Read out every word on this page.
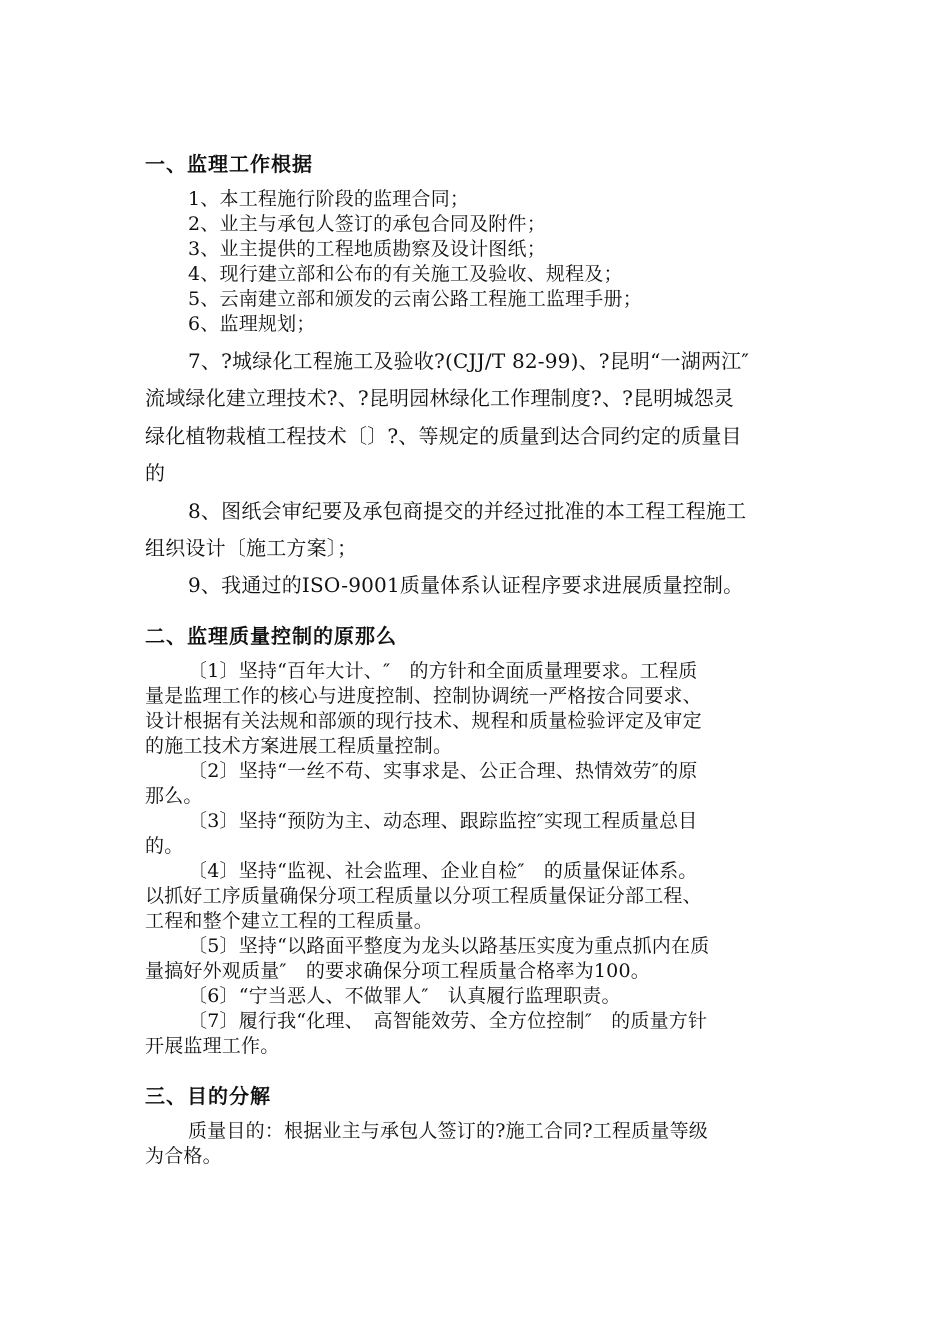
一、监理工作根据
1、本工程施行阶段的监理合同；
2、业主与承包人签订的承包合同及附件；
3、业主提供的工程地质勘察及设计图纸；
4、现行建立部和公布的有关施工及验收、规程及；
5、云南建立部和颁发的云南公路工程施工监理手册；
6、监理规划；
7、?城绿化工程施工及验收?(CJJ/T 82-99)、?昆明“一湖两江″
流域绿化建立理技术?、?昆明园林绿化工作理制度?、?昆明城怨灵
绿化植物栽植工程技术〔〕?、等规定的质量到达合同约定的质量目
的
8、图纸会审纪要及承包商提交的并经过批准的本工程工程施工
组织设计〔施工方案〕；
9、我通过的ISO-9001质量体系认证程序要求进展质量控制。
二、监理质量控制的原那么
〔1〕坚持“百年大计、″　的方针和全面质量理要求。工程质
量是监理工作的核心与进度控制、控制协调统一严格按合同要求、
设计根据有关法规和部颁的现行技术、规程和质量检验评定及审定
的施工技术方案进展工程质量控制。
〔2〕坚持“一丝不苟、实事求是、公正合理、热情效劳″的原
那么。
〔3〕坚持“预防为主、动态理、跟踪监控″实现工程质量总目
的。
〔4〕坚持“监视、社会监理、企业自检″　的质量保证体系。
以抓好工序质量确保分项工程质量以分项工程质量保证分部工程、
工程和整个建立工程的工程质量。
〔5〕坚持“以路面平整度为龙头以路基压实度为重点抓内在质
量搞好外观质量″　的要求确保分项工程质量合格率为100。
〔6〕“宁当恶人、不做罪人″　认真履行监理职责。
〔7〕履行我“化理、　高智能效劳、全方位控制″　的质量方针
开展监理工作。
三、目的分解
质量目的：根据业主与承包人签订的?施工合同?工程质量等级
为合格。
